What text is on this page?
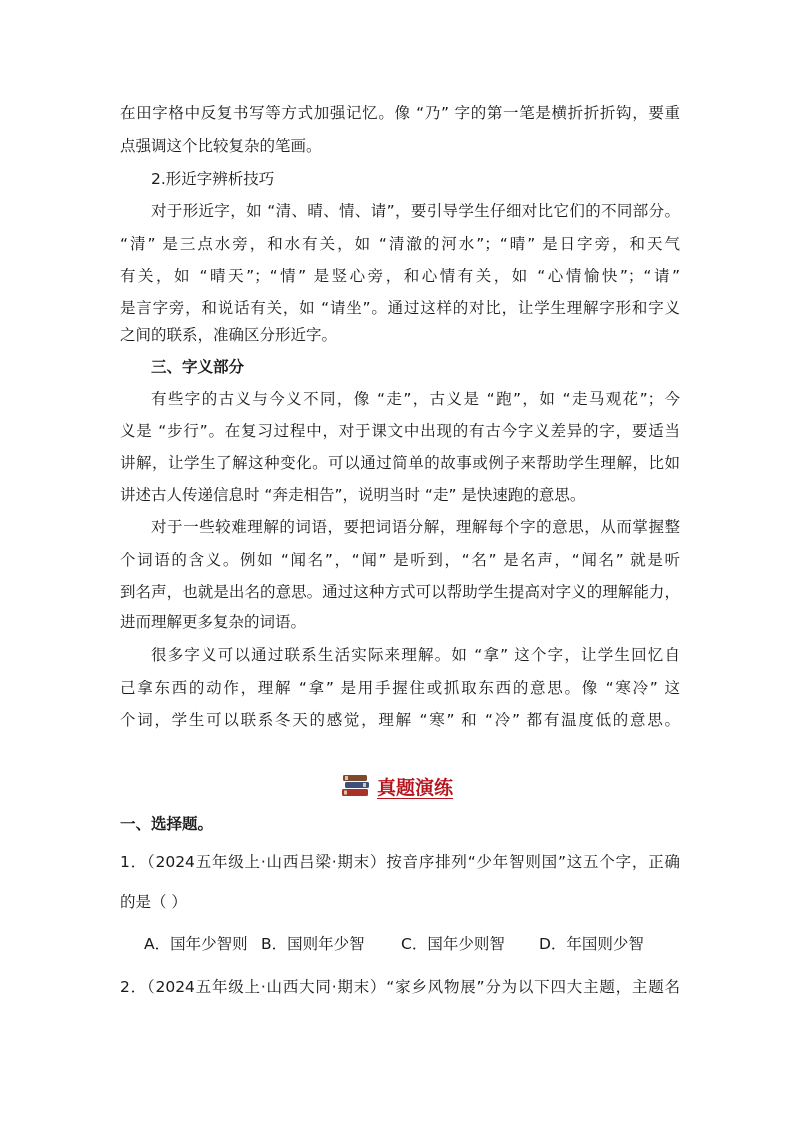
在田字格中反复书写等方式加强记忆。像 “乃” 字的第一笔是横折折折钩，要重
点强调这个比较复杂的笔画。
2.形近字辨析技巧
对于形近字，如 “清、晴、情、请”，要引导学生仔细对比它们的不同部分。
“清” 是三点水旁，和水有关，如 “清澈的河水”；“晴” 是日字旁，和天气
有关，如 “晴天”；“情” 是竖心旁，和心情有关，如 “心情愉快”；“请”
是言字旁，和说话有关，如 “请坐”。通过这样的对比，让学生理解字形和字义
之间的联系，准确区分形近字。
三、字义部分
有些字的古义与今义不同，像 “走”，古义是 “跑”，如 “走马观花”；今
义是 “步行”。在复习过程中，对于课文中出现的有古今字义差异的字，要适当
讲解，让学生了解这种变化。可以通过简单的故事或例子来帮助学生理解，比如
讲述古人传递信息时 “奔走相告”，说明当时 “走” 是快速跑的意思。
对于一些较难理解的词语，要把词语分解，理解每个字的意思，从而掌握整
个词语的含义。例如 “闻名”，“闻” 是听到，“名” 是名声，“闻名” 就是听
到名声，也就是出名的意思。通过这种方式可以帮助学生提高对字义的理解能力，
进而理解更多复杂的词语。
很多字义可以通过联系生活实际来理解。如 “拿” 这个字，让学生回忆自
己拿东西的动作，理解 “拿” 是用手握住或抓取东西的意思。像 “寒冷” 这
个词，学生可以联系冬天的感觉，理解 “寒” 和 “冷” 都有温度低的意思。
真题演练
一、选择题。
1．（2024五年级上·山西吕梁·期末）按音序排列“少年智则国”这五个字，正确
的是（ ）
A．国年少智则 B．国则年少智 C．国年少则智 D．年国则少智
2．（2024五年级上·山西大同·期末）“家乡风物展”分为以下四大主题，主题名
